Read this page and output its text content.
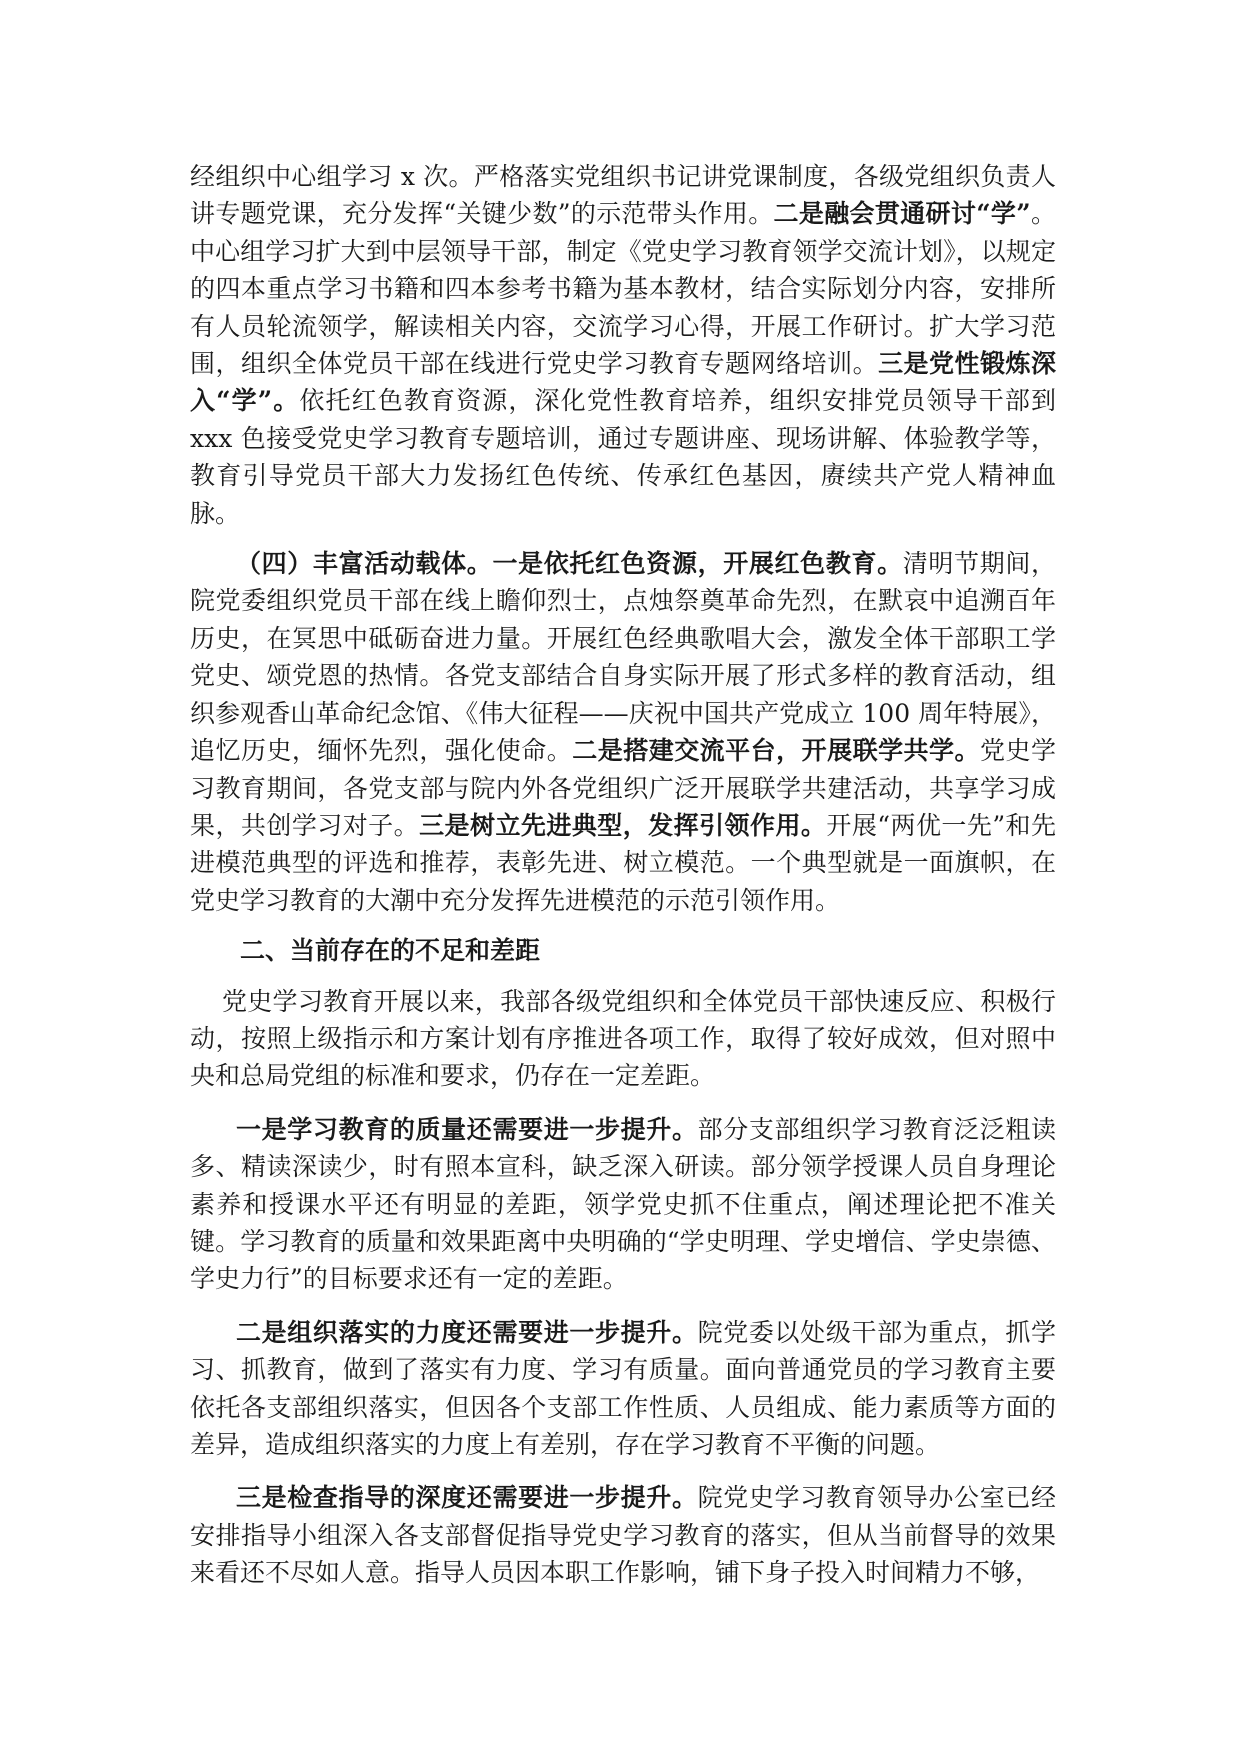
经组织中心组学习 x 次。严格落实党组织书记讲党课制度，各级党组织负责人讲专题党课，充分发挥“关键少数”的示范带头作用。二是融会贯通研讨“学”。中心组学习扩大到中层领导干部，制定《党史学习教育领学交流计划》，以规定的四本重点学习书籍和四本参考书籍为基本教材，结合实际划分内容，安排所有人员轮流领学，解读相关内容，交流学习心得，开展工作研讨。扩大学习范围，组织全体党员干部在线进行党史学习教育专题网络培训。三是党性锻炼深入“学”。依托红色教育资源，深化党性教育培养，组织安排党员领导干部到 xxx 色接受党史学习教育专题培训，通过专题讲座、现场讲解、体验教学等，教育引导党员干部大力发扬红色传统、传承红色基因，赓续共产党人精神血脉。

（四）丰富活动载体。一是依托红色资源，开展红色教育。清明节期间，院党委组织党员干部在线上瞻仰烈士，点烛祭奠革命先烈，在默哀中追溯百年历史，在冥思中砥砺奋进力量。开展红色经典歌唱大会，激发全体干部职工学党史、颂党恩的热情。各党支部结合自身实际开展了形式多样的教育活动，组织参观香山革命纪念馆、《伟大征程——庆祝中国共产党成立 100 周年特展》，追忆历史，缅怀先烈，强化使命。二是搭建交流平台，开展联学共学。党史学习教育期间，各党支部与院内外各党组织广泛开展联学共建活动，共享学习成果，共创学习对子。三是树立先进典型，发挥引领作用。开展“两优一先”和先进模范典型的评选和推荐，表彰先进、树立模范。一个典型就是一面旗帜，在党史学习教育的大潮中充分发挥先进模范的示范引领作用。

二、当前存在的不足和差距

党史学习教育开展以来，我部各级党组织和全体党员干部快速反应、积极行动，按照上级指示和方案计划有序推进各项工作，取得了较好成效，但对照中央和总局党组的标准和要求，仍存在一定差距。

一是学习教育的质量还需要进一步提升。部分支部组织学习教育泛泛粗读多、精读深读少，时有照本宣科，缺乏深入研读。部分领学授课人员自身理论素养和授课水平还有明显的差距，领学党史抓不住重点，阐述理论把不准关键。学习教育的质量和效果距离中央明确的“学史明理、学史增信、学史崇德、学史力行”的目标要求还有一定的差距。

二是组织落实的力度还需要进一步提升。院党委以处级干部为重点，抓学习、抓教育，做到了落实有力度、学习有质量。面向普通党员的学习教育主要依托各支部组织落实，但因各个支部工作性质、人员组成、能力素质等方面的差异，造成组织落实的力度上有差别，存在学习教育不平衡的问题。

三是检查指导的深度还需要进一步提升。院党史学习教育领导办公室已经安排指导小组深入各支部督促指导党史学习教育的落实，但从当前督导的效果来看还不尽如人意。指导人员因本职工作影响，铺下身子投入时间精力不够，
